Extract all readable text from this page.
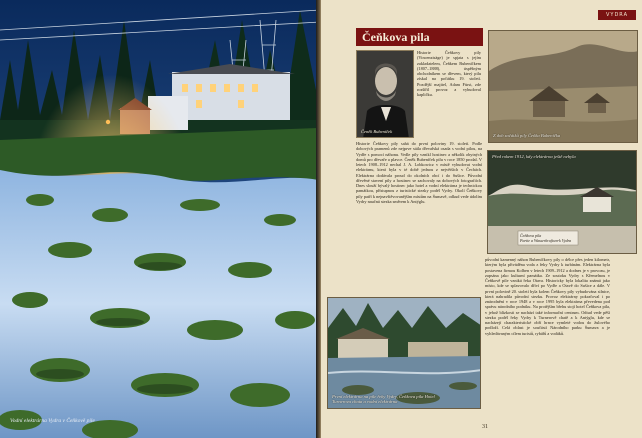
Vodní elektrárna Vydra v Čeňkově pile
VYDRA
Čeňkova pila
Čeněk Bubeníček

Historie Čeňkovy pily (Vincenzisäge) je spjata s jejím zakladatelem, Čeňkem Bubeníčkem (1807–1888), úspěšným obchodníkem se dřevem, který pilu získal na počátku 19. století. Pozdější majitel, Adam Fürst, zde rozšířil provoz a vybudoval kapličku.

Historie Čeňkovy pily sahá do první poloviny 19. století. Podle dobových pramenů zde nejprve stála dřevařská osada s vodní pilou, na Vydře s pomocí náhonu. Vedle pily vznikl hostinec a několik obytných domů pro dřevaře a plavce. Čeněk Bubeníček pilu v roce 1850 prodal. V letech 1908–1912 nechal J. A. Lobkowicz v místě vybudovat vodní elektrárnu, která byla v té době jednou z největších v Čechách. Elektrárna dodávala proud do okolních obcí i do Sušice. Původní dřevěné stavení pily a hostinec se zachovaly na dobových fotografiích. Dnes slouží bývalý hostinec jako hotel a vodní elektrárna je technickou památkou, přístupnou z turistické stezky podél Vydry. Okolí Čeňkovy pily patří k nejnavštěvovanějším místům na Šumavě, odkud vede údolím Vydry naučná stezka směrem k Antýglu.

původní kamenný náhon Bubeníčkovy pily o délce přes jeden kilometr, kterým byla přiváděna voda z řeky Vydry k turbínám. Elektrárna byla postavena firmou Kolben v letech 1909–1912 a dodnes je v provozu, je zapsána jako kulturní památka. Ze soutoku Vydry s Křemelnou v Čeňkově pile vzniká řeka Otava. Historicky byla lokalita známá jako místo, kde se splavovalo dříví po Vydře a Otavě do Sušice a dále. V první polovině 20. století byla kolem Čeňkovy pily vybudována silnice, která nahradila původní stezku. Provoz elektrárny pokračoval i po znárodnění v roce 1948 a v roce 1995 byla elektrárna převedena pod správu národního podniku. Na protějším břehu stojí hotel Čeňkova pila, v jehož blízkosti se nachází také informační centrum. Odtud vede pěší stezka podél řeky Vydry k Turnerově chatě a k Antýglu, kde se nacházejí charakteristické obří hrnce vymleté vodou do žulového podloží. Celá oblast je součástí Národního parku Šumava a je vyhledávaným cílem turistů, rybářů a vodáků.

Z dob začátků pily Čeňka Bubeníčka
Před rokem 1912, kdy elektrárna ještě nebyla
Čeňkova pila
Partie a Wasserkraftwerk Vydra
První elektrárna na pile řeky Vydry, Čeňkova pila Hotel Turnerova chata a vodní elektrárna
31
